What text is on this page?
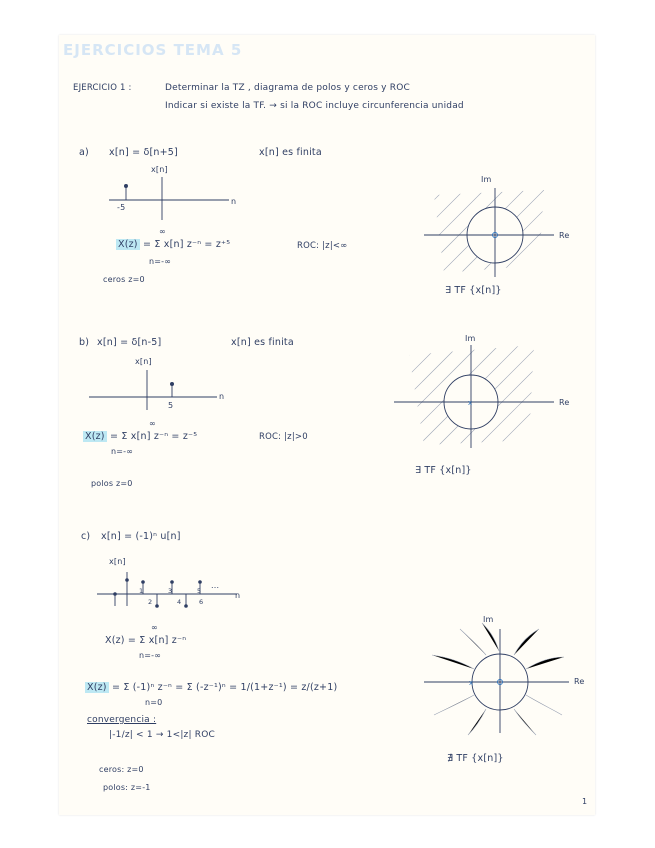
EJERCICIOS TEMA 5
EJERCICIO 1 :	Determinar la TZ , diagrama de polos y ceros y ROC
Indicar si existe la TF. → si la ROC incluye circunferencia unidad
a) x[n] = δ[n+5]	x[n] es finita
x[n]
-5
n
∞
X(z) = Σ x[n] z⁻ⁿ = z⁺⁵
n=-∞
ROC: |z|<∞
ceros z=0
Im
Re
∃ TF {x[n]}
b) x[n] = δ[n-5]	x[n] es finita
x[n]
5
n
∞
X(z) = Σ x[n] z⁻ⁿ = z⁻⁵
n=-∞
ROC: |z|>0
polos z=0
Im
x	Re
∃ TF {x[n]}
c) x[n] = (-1)ⁿ u[n]
x[n]
1
2
3
4
5
6
...
n
∞
X(z) = Σ x[n] z⁻ⁿ
n=-∞
X(z) = Σ (-1)ⁿ z⁻ⁿ = Σ (-z⁻¹)ⁿ = 1/(1+z⁻¹) = z/(z+1)
n=0
convergencia :
|-1/z| < 1 → 1<|z| ROC
ceros: z=0
polos: z=-1
Im
x	Re
∄ TF {x[n]}
1
